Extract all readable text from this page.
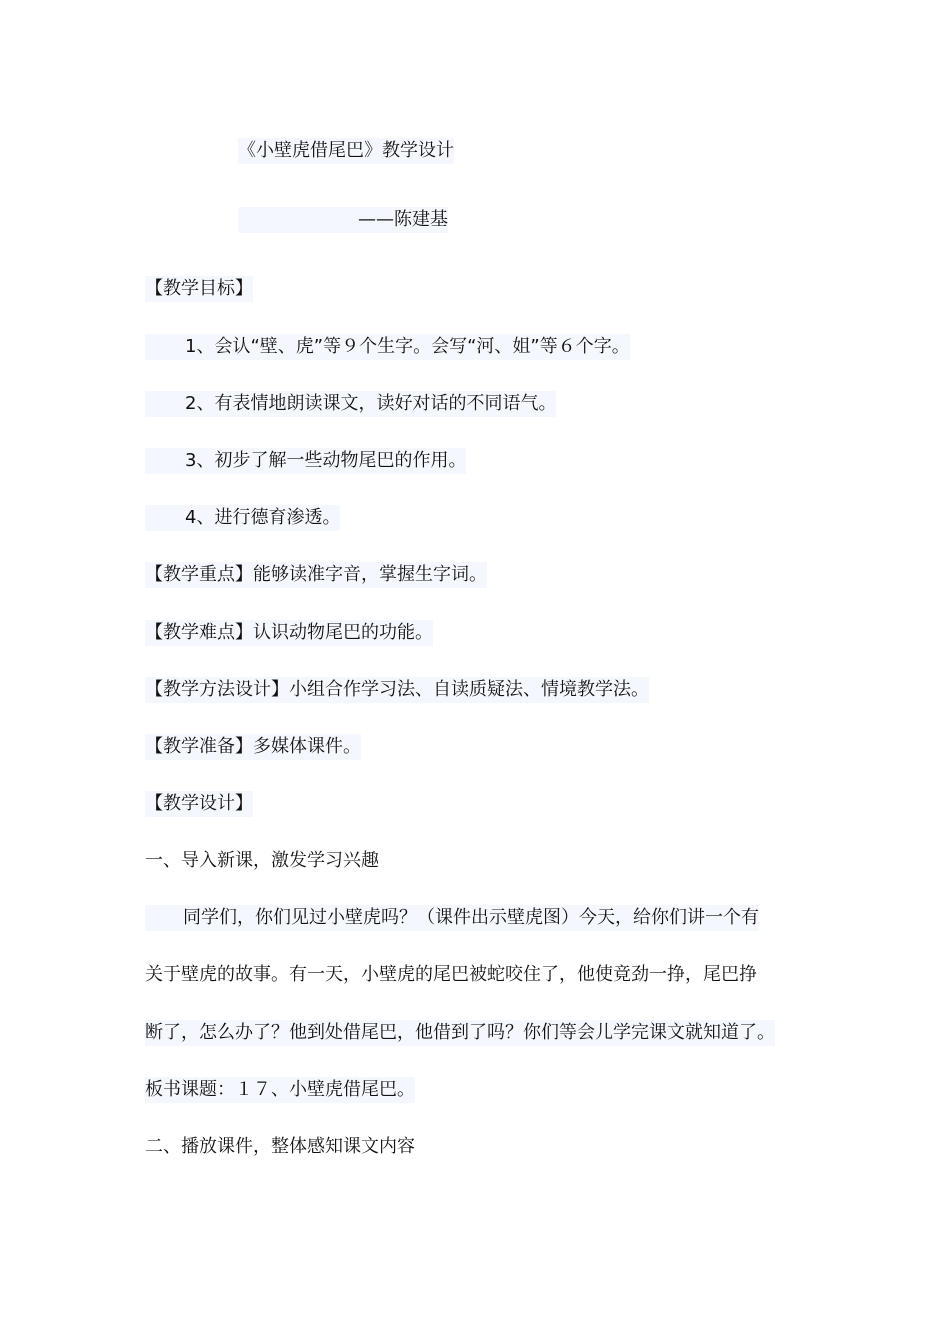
《小壁虎借尾巴》教学设计
——陈建基
【教学目标】
1、会认“壁、虎”等９个生字。会写“河、姐”等６个字。
2、有表情地朗读课文，读好对话的不同语气。
3、初步了解一些动物尾巴的作用。
4、进行德育渗透。
【教学重点】能够读准字音，掌握生字词。
【教学难点】认识动物尾巴的功能。
【教学方法设计】小组合作学习法、自读质疑法、情境教学法。
【教学准备】多媒体课件。
【教学设计】
一、导入新课，激发学习兴趣
同学们，你们见过小壁虎吗？（课件出示壁虎图）今天，给你们讲一个有
关于壁虎的故事。有一天，小壁虎的尾巴被蛇咬住了，他使竟劲一挣，尾巴挣
断了，怎么办了？他到处借尾巴，他借到了吗？你们等会儿学完课文就知道了。
板书课题：１７、小壁虎借尾巴。
二、播放课件，整体感知课文内容
